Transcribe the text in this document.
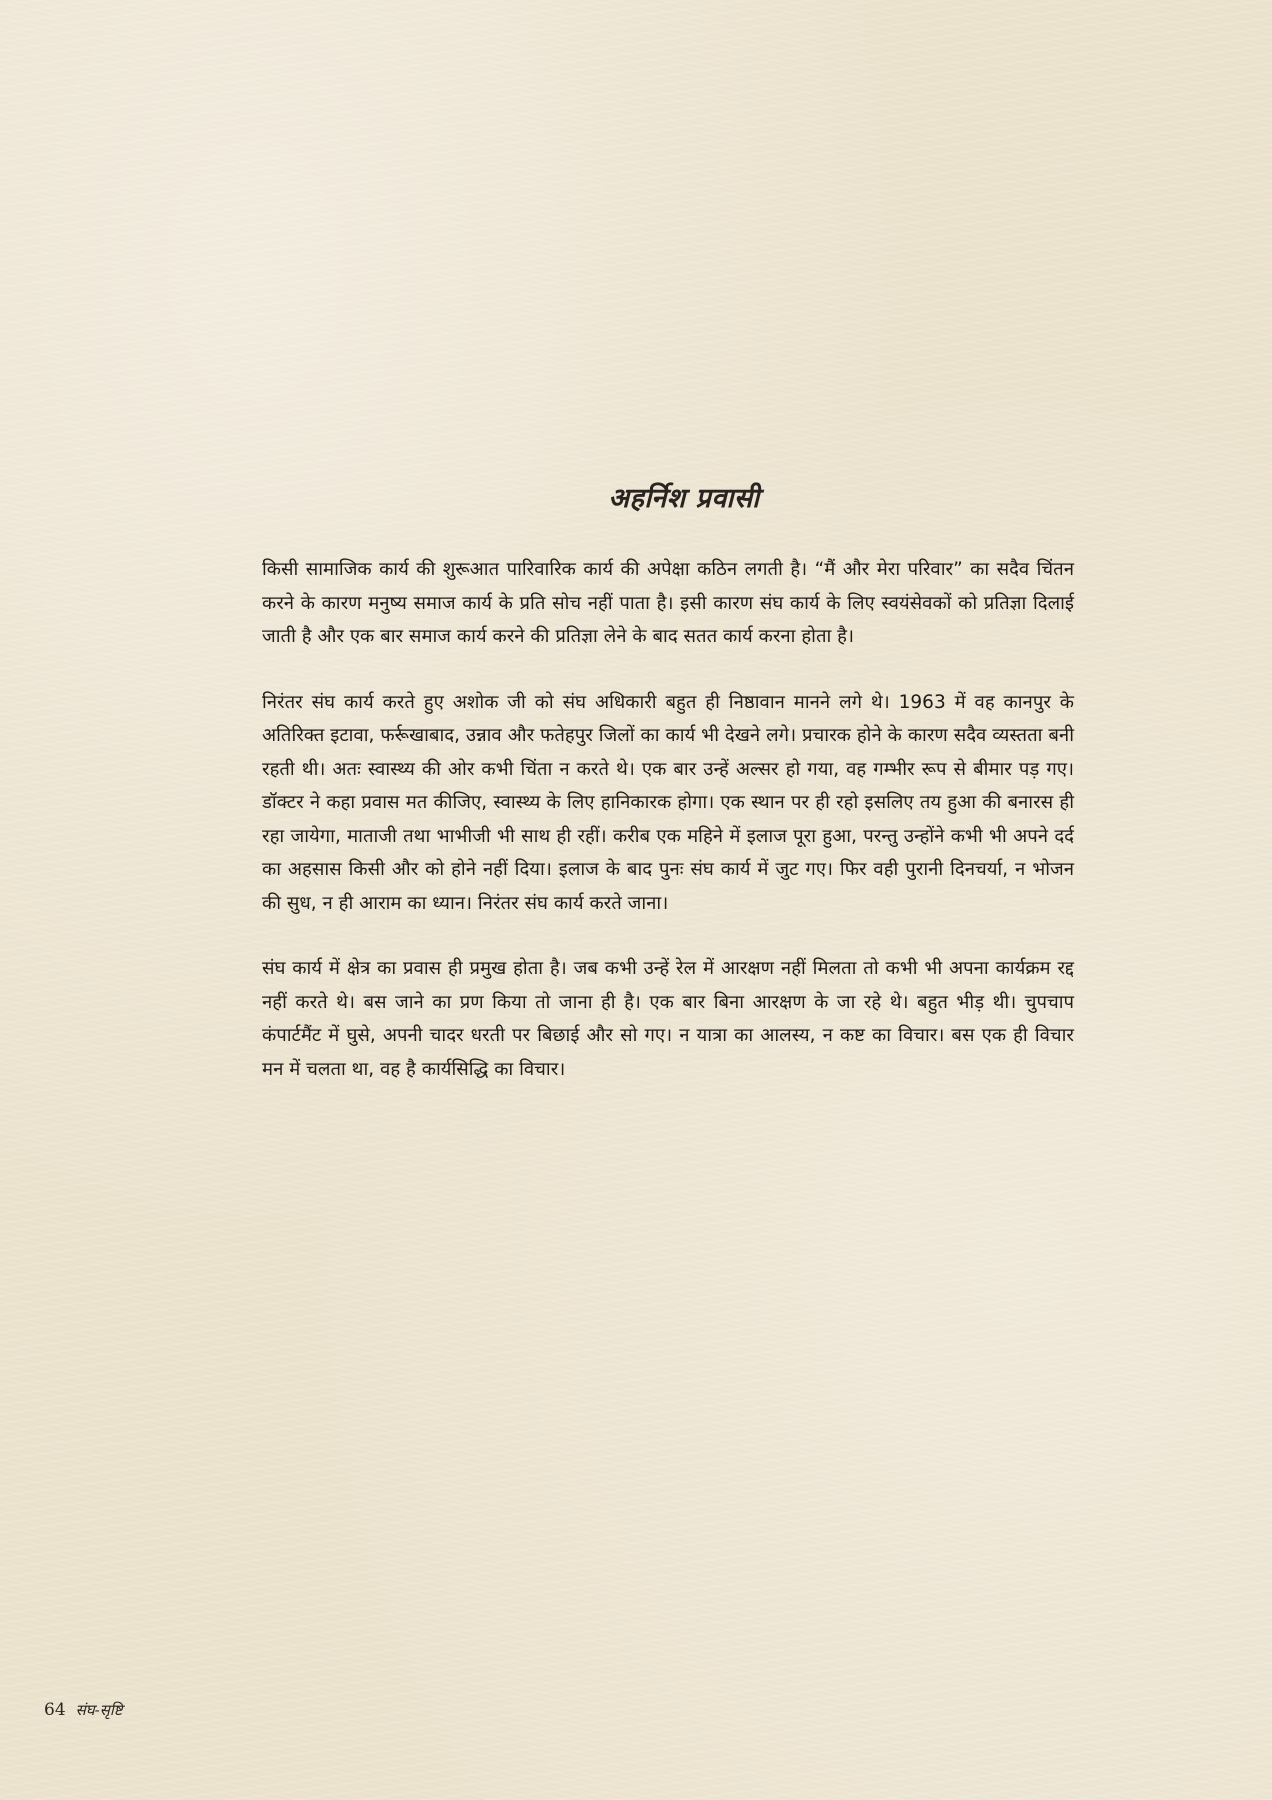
अहर्निश प्रवासी

किसी सामाजिक कार्य की शुरूआत पारिवारिक कार्य की अपेक्षा कठिन लगती है। “मैं और मेरा परिवार” का सदैव चिंतन करने के कारण मनुष्य समाज कार्य के प्रति सोच नहीं पाता है। इसी कारण संघ कार्य के लिए स्वयंसेवकों को प्रतिज्ञा दिलाई जाती है और एक बार समाज कार्य करने की प्रतिज्ञा लेने के बाद सतत कार्य करना होता है।

निरंतर संघ कार्य करते हुए अशोक जी को संघ अधिकारी बहुत ही निष्ठावान मानने लगे थे। 1963 में वह कानपुर के अतिरिक्त इटावा, फर्रूखाबाद, उन्नाव और फतेहपुर जिलों का कार्य भी देखने लगे। प्रचारक होने के कारण सदैव व्यस्तता बनी रहती थी। अतः स्वास्थ्य की ओर कभी चिंता न करते थे। एक बार उन्हें अल्सर हो गया, वह गम्भीर रूप से बीमार पड़ गए। डॉक्टर ने कहा प्रवास मत कीजिए, स्वास्थ्य के लिए हानिकारक होगा। एक स्थान पर ही रहो इसलिए तय हुआ की बनारस ही रहा जायेगा, माताजी तथा भाभीजी भी साथ ही रहीं। करीब एक महिने में इलाज पूरा हुआ, परन्तु उन्होंने कभी भी अपने दर्द का अहसास किसी और को होने नहीं दिया। इलाज के बाद पुनः संघ कार्य में जुट गए। फिर वही पुरानी दिनचर्या, न भोजन की सुध, न ही आराम का ध्यान। निरंतर संघ कार्य करते जाना।

संघ कार्य में क्षेत्र का प्रवास ही प्रमुख होता है। जब कभी उन्हें रेल में आरक्षण नहीं मिलता तो कभी भी अपना कार्यक्रम रद्द नहीं करते थे। बस जाने का प्रण किया तो जाना ही है। एक बार बिना आरक्षण के जा रहे थे। बहुत भीड़ थी। चुपचाप कंपार्टमैंट में घुसे, अपनी चादर धरती पर बिछाई और सो गए। न यात्रा का आलस्य, न कष्ट का विचार। बस एक ही विचार मन में चलता था, वह है कार्यसिद्धि का विचार।

64 संघ-सृष्टि
